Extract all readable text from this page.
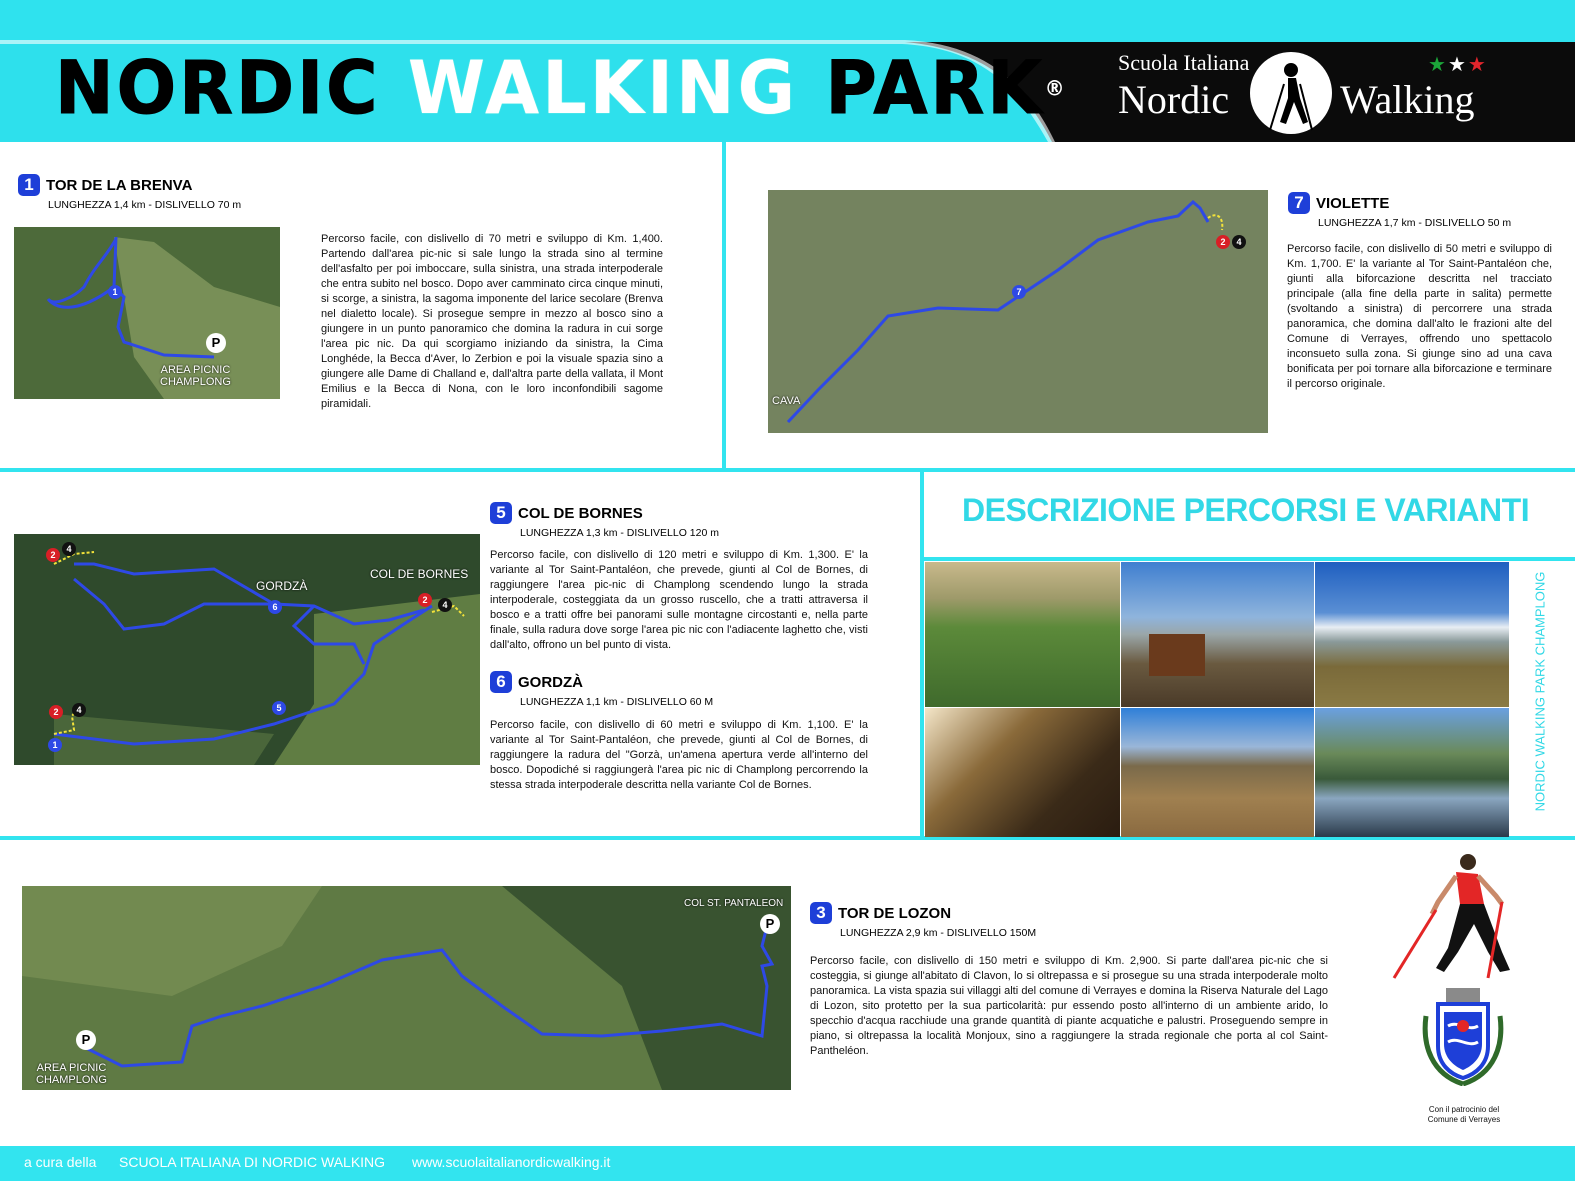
NORDIC WALKING PARK®
Scuola Italiana
Nordic	Walking
★★★
1 TOR DE LA BRENVA
LUNGHEZZA 1,4 km - DISLIVELLO 70 m
1
P
AREA PICNIC
CHAMPLONG
Percorso facile, con dislivello di 70 metri e sviluppo di Km. 1,400. Partendo dall'area pic-nic si sale lungo la strada sino al termine dell'asfalto per poi imboccare, sulla sinistra, una strada interpoderale che entra subito nel bosco. Dopo aver camminato circa cinque minuti, si scorge, a sinistra, la sagoma imponente del larice secolare (Brenva nel dialetto locale). Si prosegue sempre in mezzo al bosco sino a giungere in un punto panoramico che domina la radura in cui sorge l'area pic nic. Da qui scorgiamo iniziando da sinistra, la Cima Longhéde, la Becca d'Aver, lo Zerbion e poi la visuale spazia sino a giungere alle Dame di Challand e, dall'altra parte della vallata, il Mont Emilius e la Becca di Nona, con le loro inconfondibili sagome piramidali.
7
2	4
CAVA
7 VIOLETTE
LUNGHEZZA 1,7 km - DISLIVELLO 50 m
Percorso facile, con dislivello di 50 metri e sviluppo di Km. 1,700. E' la variante al Tor Saint-Pantaléon che, giunti alla biforcazione descritta nel tracciato principale (alla fine della parte in salita) permette (svoltando a sinistra) di percorrere una strada panoramica, che domina dall'alto le frazioni alte del Comune di Verrayes, offrendo uno spettacolo inconsueto sulla zona. Si giunge sino ad una cava bonificata per poi tornare alla biforcazione e terminare il percorso originale.
2
4
6
2	4
2	4
1
5
GORDZÀ
COL DE BORNES
5 COL DE BORNES
LUNGHEZZA 1,3 km - DISLIVELLO 120 m
Percorso facile, con dislivello di 120 metri e sviluppo di Km. 1,300. E' la variante al Tor Saint-Pantaléon, che prevede, giunti al Col de Bornes, di raggiungere l'area pic-nic di Champlong scendendo lungo la strada interpoderale, costeggiata da un grosso ruscello, che a tratti attraversa il bosco e a tratti offre bei panorami sulle montagne circostanti e, nella parte finale, sulla radura dove sorge l'area pic nic con l'adiacente laghetto che, visti dall'alto, offrono un bel punto di vista.
6 GORDZÀ
LUNGHEZZA 1,1 km - DISLIVELLO 60 M
Percorso facile, con dislivello di 60 metri e sviluppo di Km. 1,100. E' la variante al Tor Saint-Pantaléon, che prevede, giunti al Col de Bornes, di raggiungere la radura del "Gorzà, un'amena apertura verde all'interno del bosco. Dopodiché si raggiungerà l'area pic nic di Champlong percorrendo la stessa strada interpoderale descritta nella variante Col de Bornes.
DESCRIZIONE PERCORSI E VARIANTI
NORDIC WALKING PARK CHAMPLONG
P
P
AREA PICNIC
CHAMPLONG
COL ST. PANTALEON	3 TOR DE LOZON
LUNGHEZZA 2,9 km - DISLIVELLO 150M
Percorso facile, con dislivello di 150 metri e sviluppo di Km. 2,900. Si parte dall'area pic-nic che si costeggia, si giunge all'abitato di Clavon, lo si oltrepassa e si prosegue su una strada interpoderale molto panoramica. La vista spazia sui villaggi alti del comune di Verrayes e domina la Riserva Naturale del Lago di Lozon, sito protetto per la sua particolarità: pur essendo posto all'interno di un ambiente arido, lo specchio d'acqua racchiude una grande quantità di piante acquatiche e palustri. Proseguendo sempre in piano, si oltrepassa la località Monjoux, sino a raggiungere la strada regionale che porta al col Saint-Pantheléon.
Con il patrocinio del
Comune di Verrayes
a cura della SCUOLA ITALIANA DI NORDIC WALKING www.scuolaitalianordicwalking.it
